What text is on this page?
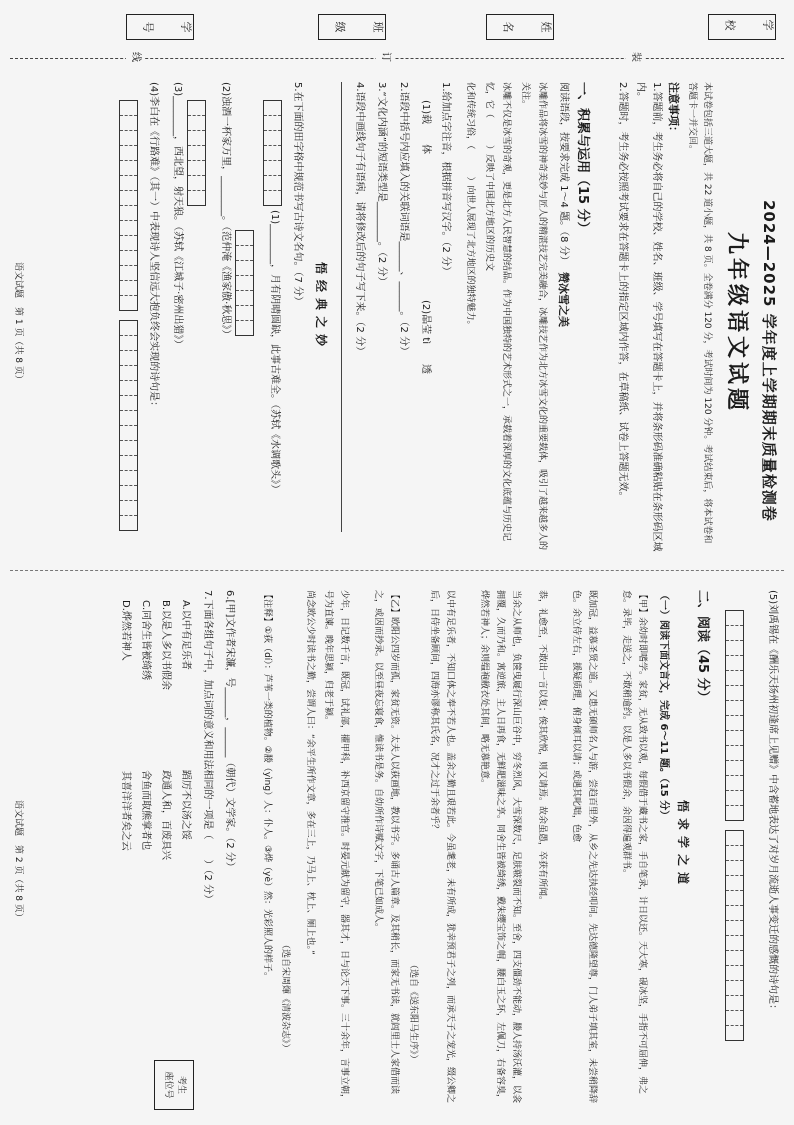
学　校
姓　名
班　级
学　号
装
订
线
2024—2025 学年度上学期期末质量检测卷
九年级语文试题
本试卷包括三道大题，共 22 道小题，共 8 页。全卷满分 120 分，考试时间为 120 分钟。考试结束后，将本试卷和答题卡一并交回。
注意事项：
1.答题前，考生务必将自己的学校、姓名、班级、学号填写在答题卡上，并将条形码准确粘贴在条形码区域内。
2.答题时，考生务必按照考试要求在答题卡上的指定区域内作答，在草稿纸、试卷上答题无效。
一、积累与运用（15 分）
阅读语段，按要求完成 1～4 题。（8 分）
赞冰雪之美
冰雕作品将冰雪的神奇美妙与匠人的精湛技艺完美融合，冰雕技艺作为北方冰雪文化的重要载体，吸引了越来越多人的关注。
冰雕不仅是冰雪的奇观，更是北方人民智慧的结晶。作为中国独特的艺术形式之一，承载着深厚的文化底蕴与历史记忆，它（　　　）反映了中国北方地区的历史文
化和传统习俗，（　　　）向世人展现了北方地区的独特魅力。
1.给加点字注音，根据拼音写汉字。（2 分）
(1)载　　体
(2)晶莹 tì　　透
2.语段中括号内应填入的关联词语是______、______。（2 分）
3.“文化内涵”的短语类型是________。（2 分）
4.语段中画线句子有语病，请将修改后的句子写下来。（2 分）
悟经典之妙
5.在下面的田字格中规范书写古诗文名句。（7 分）
(1)________，月有阴晴圆缺，此事古难全。（苏轼《水调歌头》）
(2)浊酒一杯家万里，________。（范仲淹《渔家傲·秋思》）
(3)________，西北望，射天狼。（苏轼《江城子·密州出猎》）
(4)李白在《行路难》（其一）中表现诗人坚信远大抱负终会实现的诗句是：
语文试题　第 1 页（共 8 页）
(5)刘禹锡在《酬乐天扬州初逢席上见赠》中含蓄地表达了对岁月流逝人事变迁的感慨的诗句是：
二、阅读（45 分）
悟求学之道
（一）阅读下面文言文，完成 6～11 题。（15 分）
【甲】余幼时即嗜学。家贫，无从致书以观，每假借于藏书之家，手自笔录，计日以还。天大寒，砚冰坚，手指不可屈伸，弗之怠。录毕，走送之，不敢稍逾约。以是人多以书假余，余因得遍观群书。
既加冠，益慕圣贤之道。又患无硕师名人与游，尝趋百里外，从乡之先达执经叩问。先达德隆望尊，门人弟子填其室，未尝稍降辞色。余立侍左右，援疑质理，俯身倾耳以请；或遇其叱咄，色愈
恭，礼愈至，不敢出一言以复；俟其欣悦，则又请焉。故余虽愚，卒获有所闻。
当余之从师也，负箧曳屣行深山巨谷中，穷冬烈风，大雪深数尺，足肤皲裂而不知。至舍，四支僵劲不能动，媵人持汤沃灌，以衾拥覆，久而乃和。寓逆旅，主人日再食，无鲜肥滋味之享。同舍生皆被绮绣，戴朱缨宝饰之帽，腰白玉之环，左佩刀，右备容臭，烨然若神人；余则缊袍敝衣处其间，略无慕艳意。
以中有足乐者，不知口体之奉不若人也。盖余之勤且艰若此。今虽耄老，未有所成，犹幸预君子之列，而承天子之宠光，缀公卿之后，日侍坐备顾问，四海亦谬称其氏名，况才之过于余者乎？
（选自《送东阳马生序》）
【乙】欧阳公四岁而孤，家贫无资。太夫人以荻画地，教以书字。多诵古人篇章。及其稍长，而家无书读，就闾里士人家借而读之，或因而抄录。以至昼夜忘寝食，惟读书是务。自幼所作诗赋文字，下笔已如成人。
少年，日记数千言，既冠，试礼部，擢甲科，补西京留守推官。时晏元献为留守，器其才，日与论天下事。三十余年，言事立朝，号为直谏。晚年思颍，归老于颍。
尚念欧公少时读书之勤，尝谓人曰：“余平生所作文章，多在三上，乃马上、枕上、厕上也。”
（选自宋周煇《清波杂志》）
【注释】①荻（dí）：芦苇一类的植物。②媵（yìng）人：仆人。③烨（yè）然：光彩照人的样子。
6.[甲]文作者宋濂，号______，______（朝代）文学家。（2 分）
7.下面各组句子中，加点词的意义和用法相同的一项是（　　）（2 分）
A.以中有足乐者　　　　　　　　　　蹈厉不以汤之馁
B.以是人多以书假余　　　　　　　　政通人和，百废具兴
C.同舍生皆被绮绣　　　　　　　　　舍鱼而取熊掌者也
D.烨然若神人　　　　　　　　　　　其喜洋洋者矣之云
考生
座位号
语文试题　第 2 页（共 8 页）
